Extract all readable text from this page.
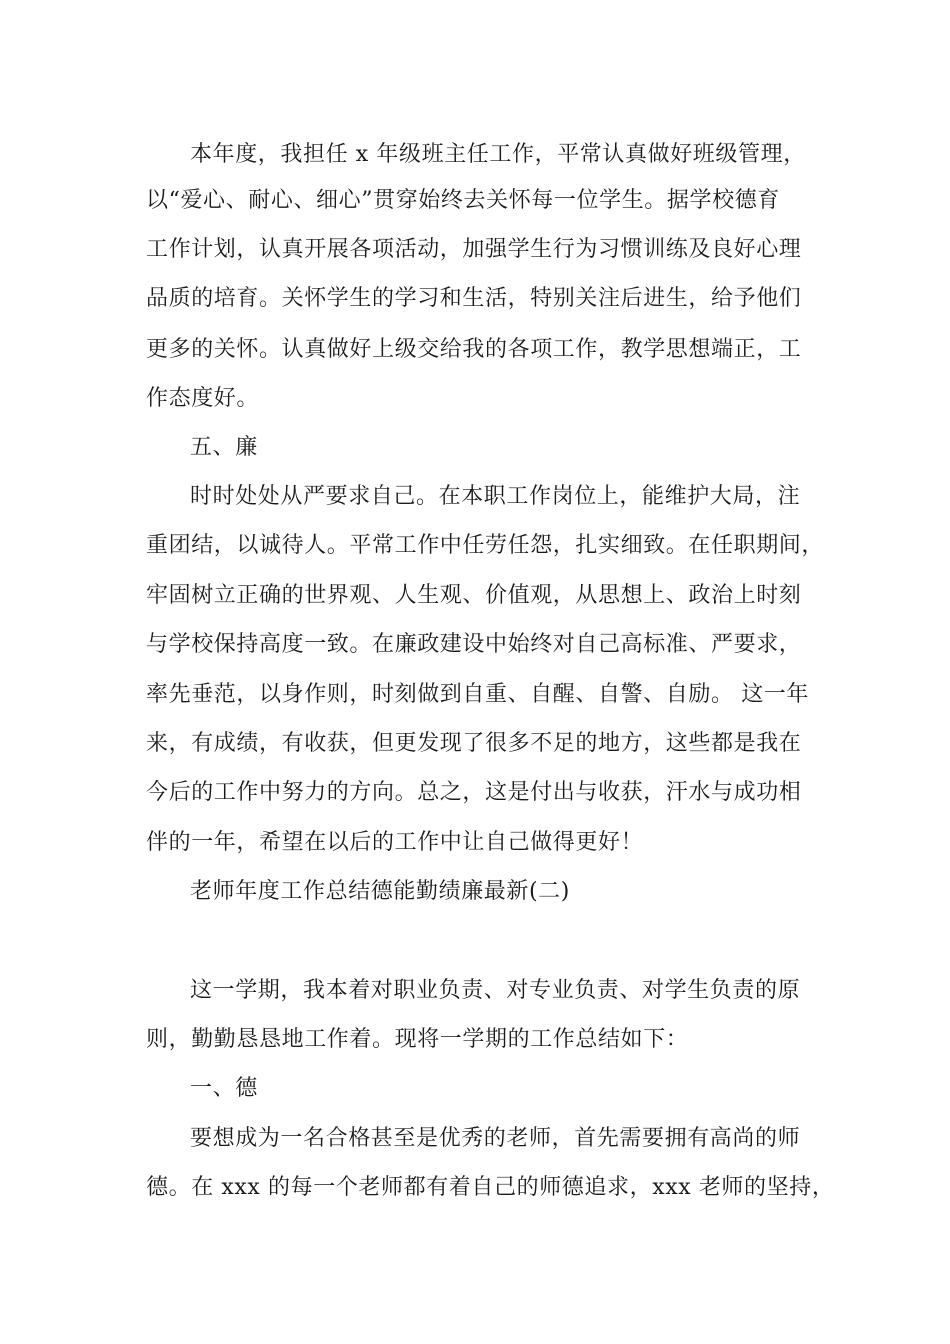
本年度，我担任 x 年级班主任工作，平常认真做好班级管理，
以“爱心、耐心、细心”贯穿始终去关怀每一位学生。据学校德育
工作计划，认真开展各项活动，加强学生行为习惯训练及良好心理
品质的培育。关怀学生的学习和生活，特别关注后进生，给予他们
更多的关怀。认真做好上级交给我的各项工作，教学思想端正，工
作态度好。
五、廉
时时处处从严要求自己。在本职工作岗位上，能维护大局，注
重团结，以诚待人。平常工作中任劳任怨，扎实细致。在任职期间，
牢固树立正确的世界观、人生观、价值观，从思想上、政治上时刻
与学校保持高度一致。在廉政建设中始终对自己高标准、严要求，
率先垂范，以身作则，时刻做到自重、自醒、自警、自励。 这一年
来，有成绩，有收获，但更发现了很多不足的地方，这些都是我在
今后的工作中努力的方向。总之，这是付出与收获，汗水与成功相
伴的一年，希望在以后的工作中让自己做得更好！
老师年度工作总结德能勤绩廉最新(二)
这一学期，我本着对职业负责、对专业负责、对学生负责的原
则，勤勤恳恳地工作着。现将一学期的工作总结如下：
一、德
要想成为一名合格甚至是优秀的老师，首先需要拥有高尚的师
德。在 xxx 的每一个老师都有着自己的师德追求，xxx 老师的坚持，
